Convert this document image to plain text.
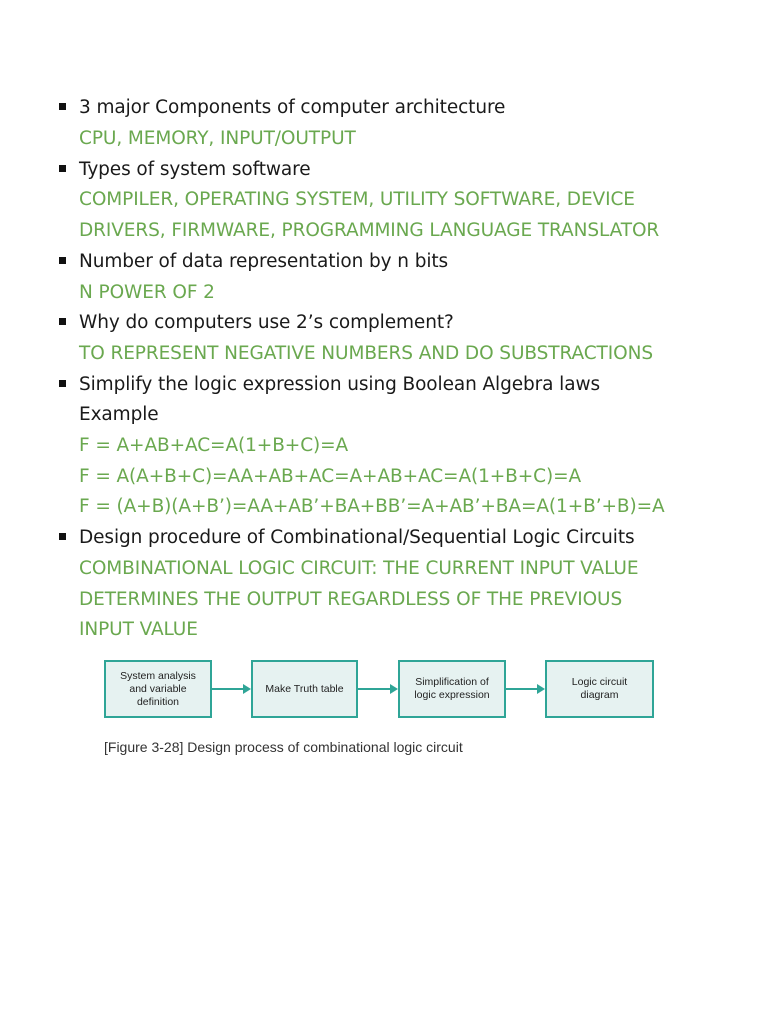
3 major Components of computer architecture
CPU, MEMORY, INPUT/OUTPUT
Types of system software
COMPILER, OPERATING SYSTEM, UTILITY SOFTWARE, DEVICE
DRIVERS, FIRMWARE, PROGRAMMING LANGUAGE TRANSLATOR
Number of data representation by n bits
N POWER OF 2
Why do computers use 2’s complement?
TO REPRESENT NEGATIVE NUMBERS AND DO SUBSTRACTIONS
Simplify the logic expression using Boolean Algebra laws
Example
F = A+AB+AC=A(1+B+C)=A
F = A(A+B+C)=AA+AB+AC=A+AB+AC=A(1+B+C)=A
F = (A+B)(A+B’)=AA+AB’+BA+BB’=A+AB’+BA=A(1+B’+B)=A
Design procedure of Combinational/Sequential Logic Circuits
COMBINATIONAL LOGIC CIRCUIT: THE CURRENT INPUT VALUE
DETERMINES THE OUTPUT REGARDLESS OF THE PREVIOUS
INPUT VALUE
System analysis
and variable
definition
Make Truth table
Simplification of
logic expression
Logic circuit
diagram
[Figure 3-28] Design process of combinational logic circuit
